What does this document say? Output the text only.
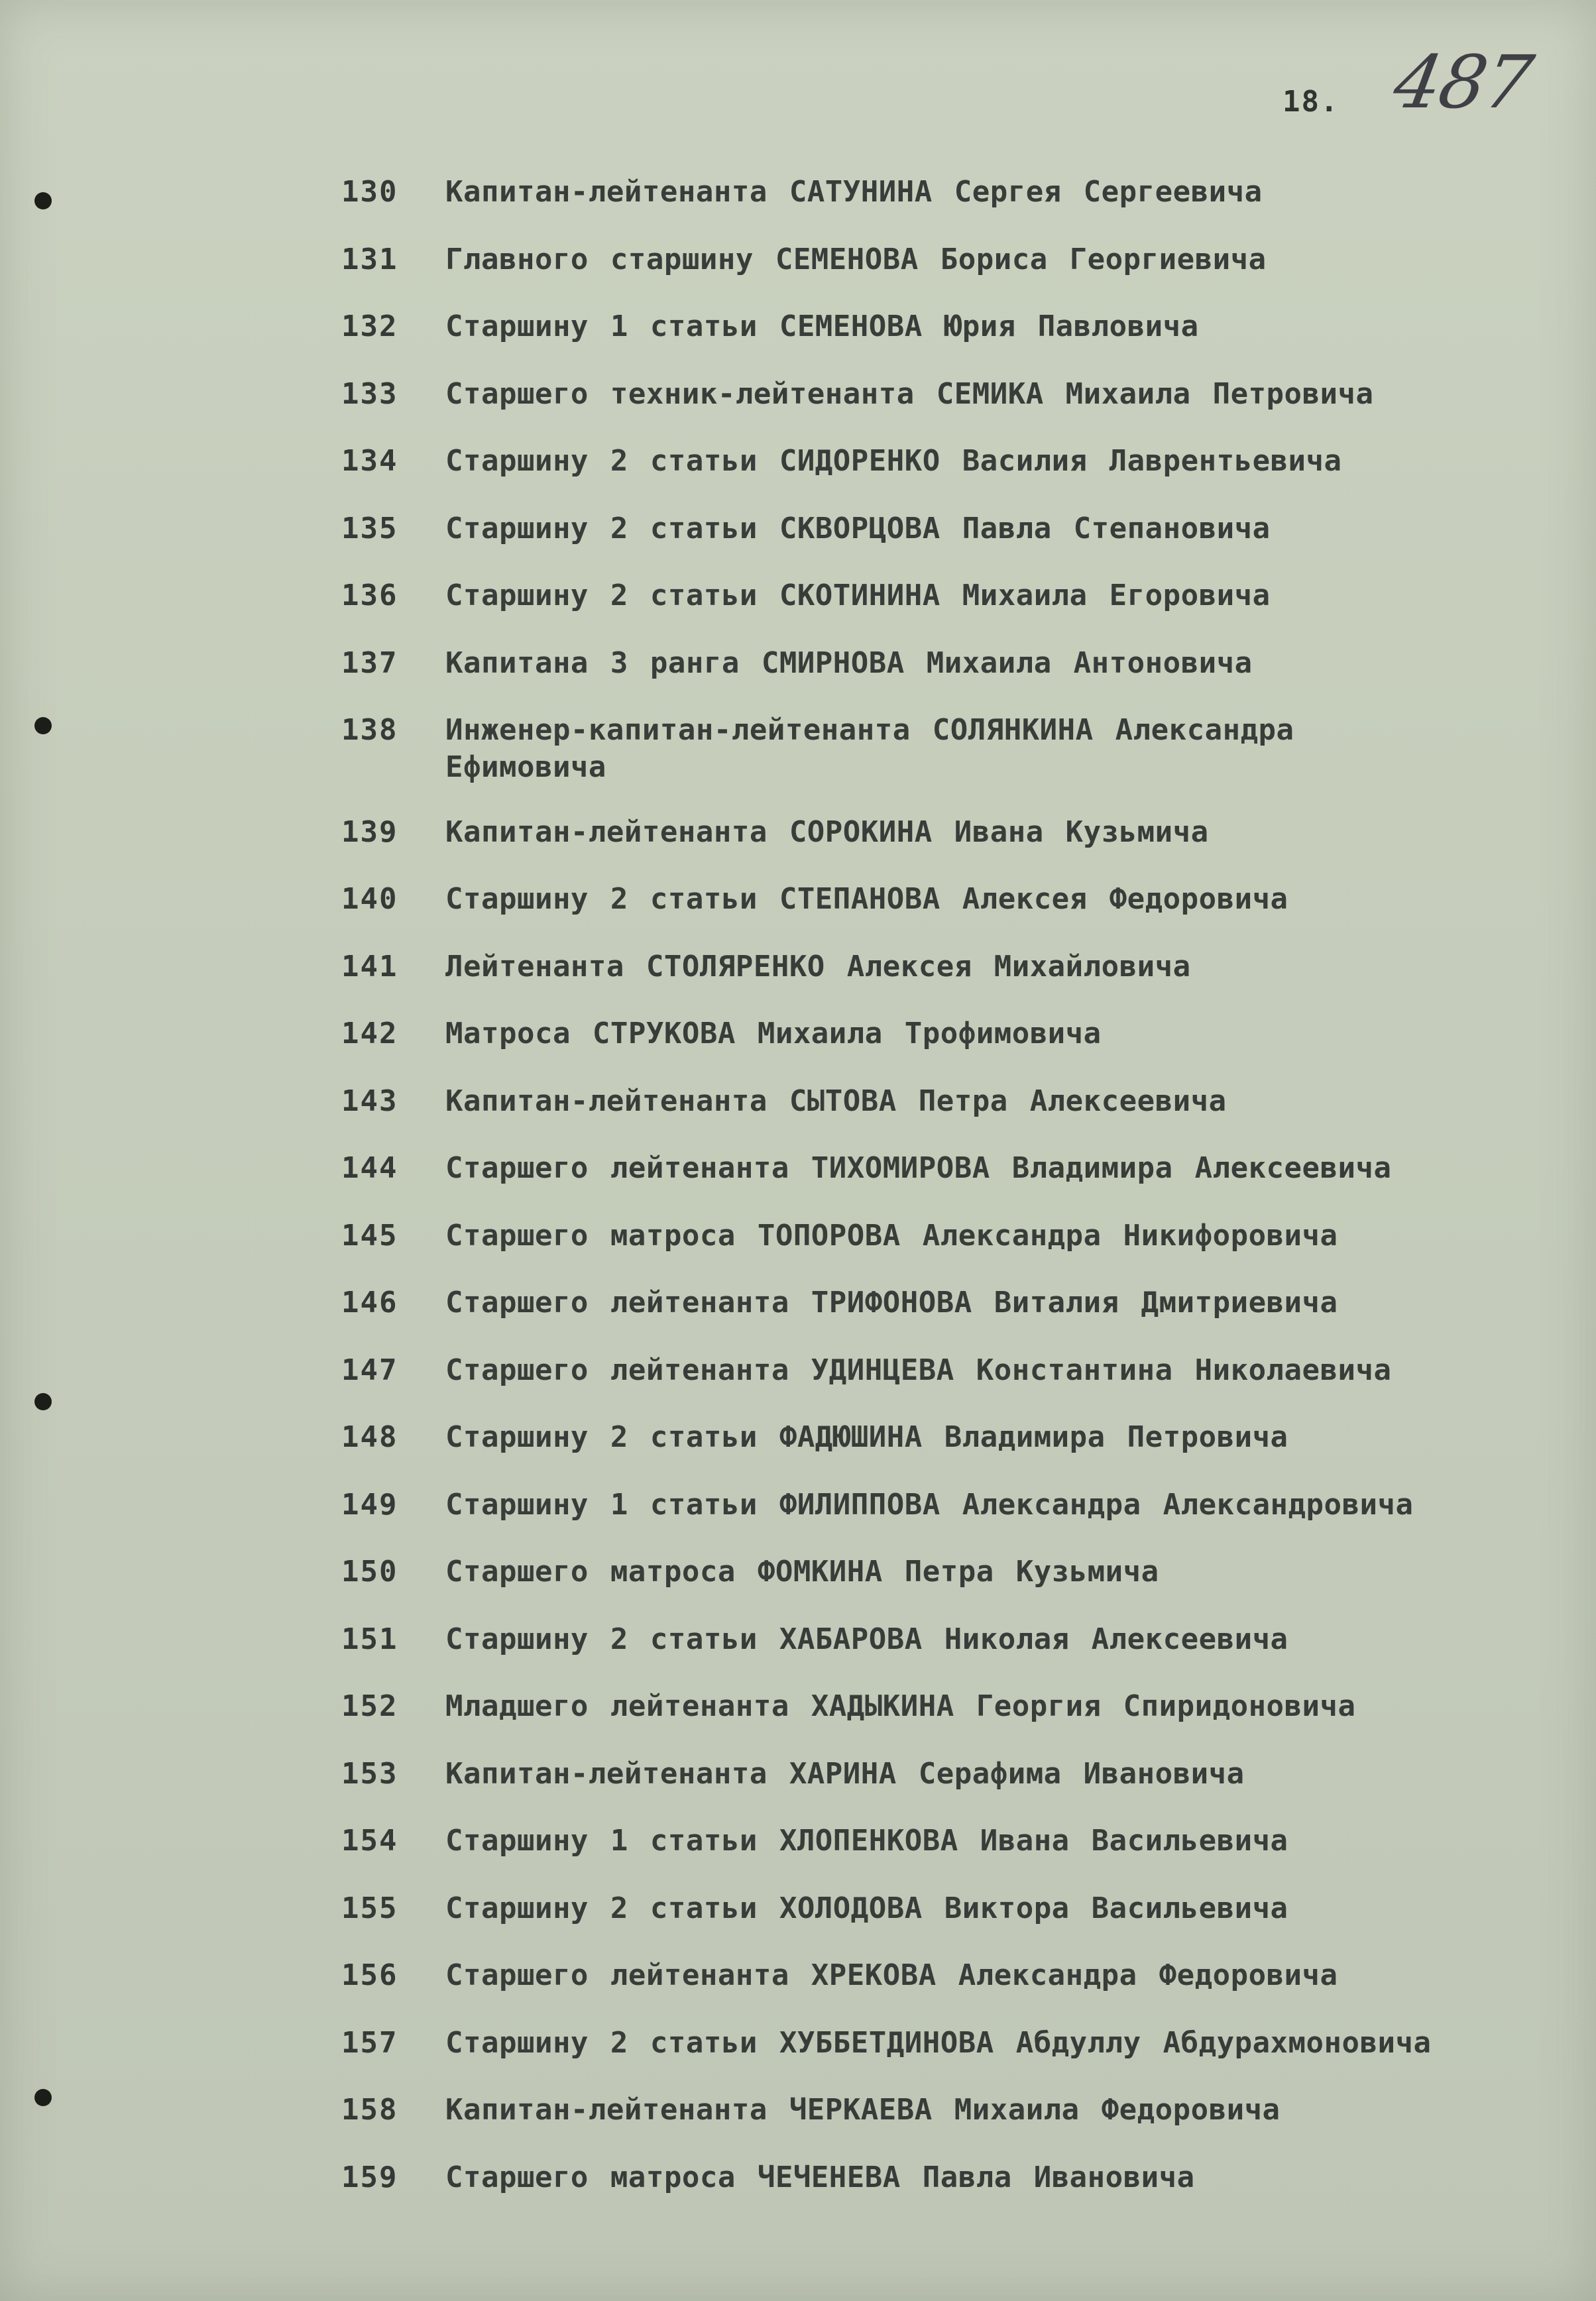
18. 487
130	Капитан-лейтенанта САТУНИНА Сергея Сергеевича
131	Главного старшину СЕМЕНОВА Бориса Георгиевича
132	Старшину 1 статьи СЕМЕНОВА Юрия Павловича
133	Старшего техник-лейтенанта СЕМИКА Михаила Петровича
134	Старшину 2 статьи СИДОРЕНКО Василия Лаврентьевича
135	Старшину 2 статьи СКВОРЦОВА Павла Степановича
136	Старшину 2 статьи СКОТИНИНА Михаила Егоровича
137	Капитана 3 ранга СМИРНОВА Михаила Антоновича
138	Инженер-капитан-лейтенанта СОЛЯНКИНА Александра
Ефимовича
139	Капитан-лейтенанта СОРОКИНА Ивана Кузьмича
140	Старшину 2 статьи СТЕПАНОВА Алексея Федоровича
141	Лейтенанта СТОЛЯРЕНКО Алексея Михайловича
142	Матроса СТРУКОВА Михаила Трофимовича
143	Капитан-лейтенанта СЫТОВА Петра Алексеевича
144	Старшего лейтенанта ТИХОМИРОВА Владимира Алексеевича
145	Старшего матроса ТОПОРОВА Александра Никифоровича
146	Старшего лейтенанта ТРИФОНОВА Виталия Дмитриевича
147	Старшего лейтенанта УДИНЦЕВА Константина Николаевича
148	Старшину 2 статьи ФАДЮШИНА Владимира Петровича
149	Старшину 1 статьи ФИЛИППОВА Александра Александровича
150	Старшего матроса ФОМКИНА Петра Кузьмича
151	Старшину 2 статьи ХАБАРОВА Николая Алексеевича
152	Младшего лейтенанта ХАДЫКИНА Георгия Спиридоновича
153	Капитан-лейтенанта ХАРИНА Серафима Ивановича
154	Старшину 1 статьи ХЛОПЕНКОВА Ивана Васильевича
155	Старшину 2 статьи ХОЛОДОВА Виктора Васильевича
156	Старшего лейтенанта ХРЕКОВА Александра Федоровича
157	Старшину 2 статьи ХУББЕТДИНОВА Абдуллу Абдурахмоновича
158	Капитан-лейтенанта ЧЕРКАЕВА Михаила Федоровича
159	Старшего матроса ЧЕЧЕНЕВА Павла Ивановича
